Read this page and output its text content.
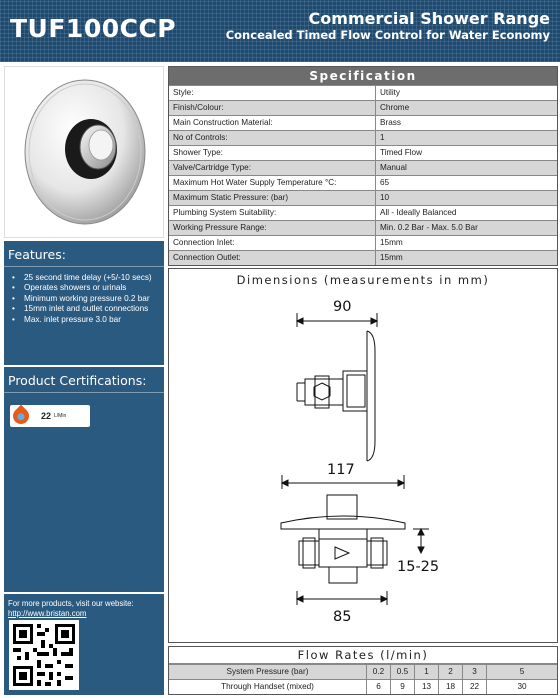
TUF100CCP	Commercial Shower Range
Concealed Timed Flow Control for Water Economy
Features:
• 25 second time delay (+5/-10 secs)
• Operates showers or urinals
• Minimum working pressure 0.2 bar
• 15mm inlet and outlet connections
• Max. inlet pressure 3.0 bar
Product Certifications:
22 L/Min
For more products, visit our website:
http://www.bristan.com
Specification
Style:	Utility
Finish/Colour:	Chrome
Main Construction Material:	Brass
No of Controls:	1
Shower Type:	Timed Flow
Valve/Cartridge Type:	Manual
Maximum Hot Water Supply Temperature °C:	65
Maximum Static Pressure: (bar)	10
Plumbing System Suitability:	All - Ideally Balanced
Working Pressure Range:	Min. 0.2 Bar - Max. 5.0 Bar
Connection Inlet:	15mm
Connection Outlet:	15mm
Dimensions (measurements in mm)
90
117
15-25
85
Flow Rates (l/min)
System Pressure (bar)	0.2	0.5	1	2	3	5
Through Handset (mixed)	6	9	13	18	22	30
